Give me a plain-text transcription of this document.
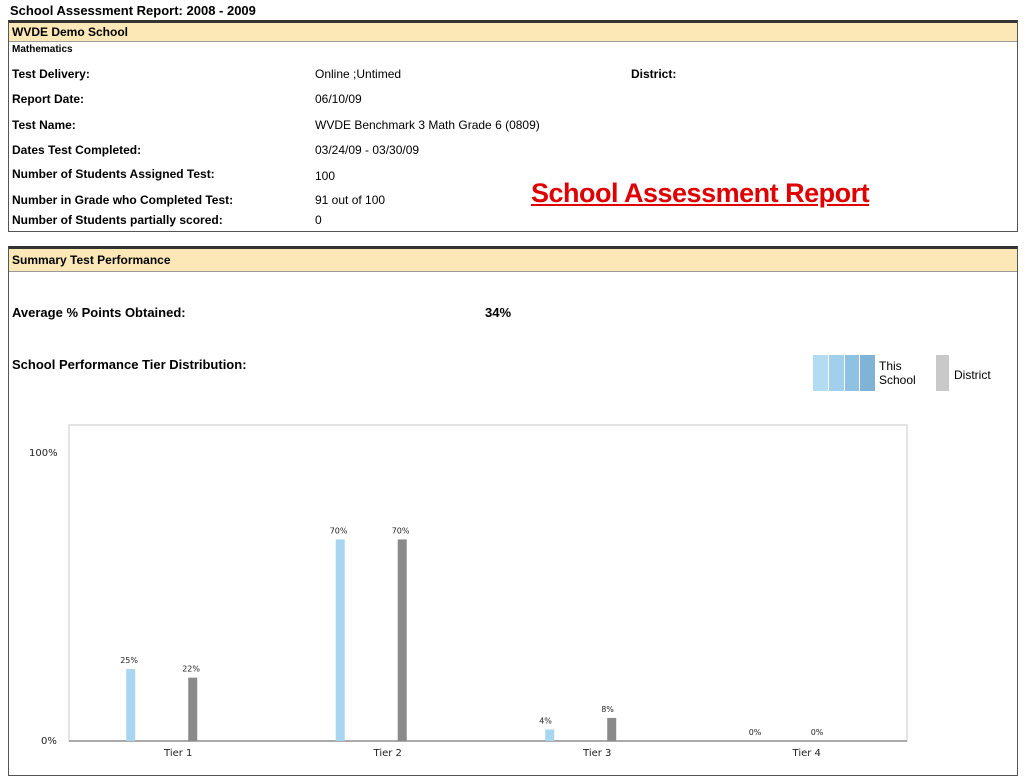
School Assessment Report: 2008 - 2009
WVDE Demo School
Mathematics
Test Delivery:	Online ;Untimed
Report Date:	06/10/09
Test Name:	WVDE Benchmark 3 Math Grade 6 (0809)
Dates Test Completed:	03/24/09 - 03/30/09
Number of Students Assigned Test:	100
Number in Grade who Completed Test:	91 out of 100
Number of Students partially scored:	0
District:
School Assessment Report
Summary Test Performance
Average % Points Obtained:	34%
School Performance Tier Distribution:	This
School	District
100%
0%
25%
22%
Tier 1
70%	70%
Tier 2
4%
8%
Tier 3
0%	0%
Tier 4
